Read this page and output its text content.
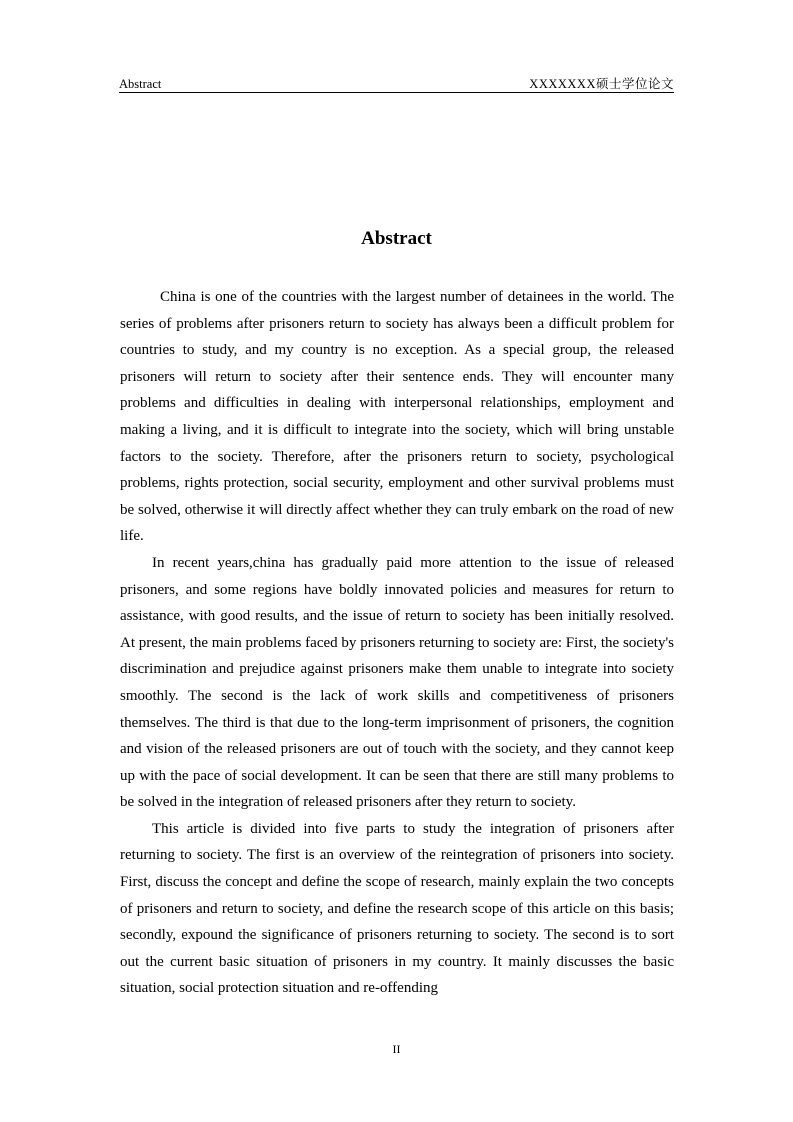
Abstract	XXXXXXX硕士学位论文
Abstract

China is one of the countries with the largest number of detainees in the world. The series of problems after prisoners return to society has always been a difficult problem for countries to study, and my country is no exception. As a special group, the released prisoners will return to society after their sentence ends. They will encounter many problems and difficulties in dealing with interpersonal relationships, employment and making a living, and it is difficult to integrate into the society, which will bring unstable factors to the society. Therefore, after the prisoners return to society, psychological problems, rights protection, social security, employment and other survival problems must be solved, otherwise it will directly affect whether they can truly embark on the road of new life.

In recent years,china has gradually paid more attention to the issue of released prisoners, and some regions have boldly innovated policies and measures for return to assistance, with good results, and the issue of return to society has been initially resolved. At present, the main problems faced by prisoners returning to society are: First, the society's discrimination and prejudice against prisoners make them unable to integrate into society smoothly. The second is the lack of work skills and competitiveness of prisoners themselves. The third is that due to the long-term imprisonment of prisoners, the cognition and vision of the released prisoners are out of touch with the society, and they cannot keep up with the pace of social development. It can be seen that there are still many problems to be solved in the integration of released prisoners after they return to society.

This article is divided into five parts to study the integration of prisoners after returning to society. The first is an overview of the reintegration of prisoners into society. First, discuss the concept and define the scope of research, mainly explain the two concepts of prisoners and return to society, and define the research scope of this article on this basis; secondly, expound the significance of prisoners returning to society. The second is to sort out the current basic situation of prisoners in my country. It mainly discusses the basic situation, social protection situation and re-offending

II
